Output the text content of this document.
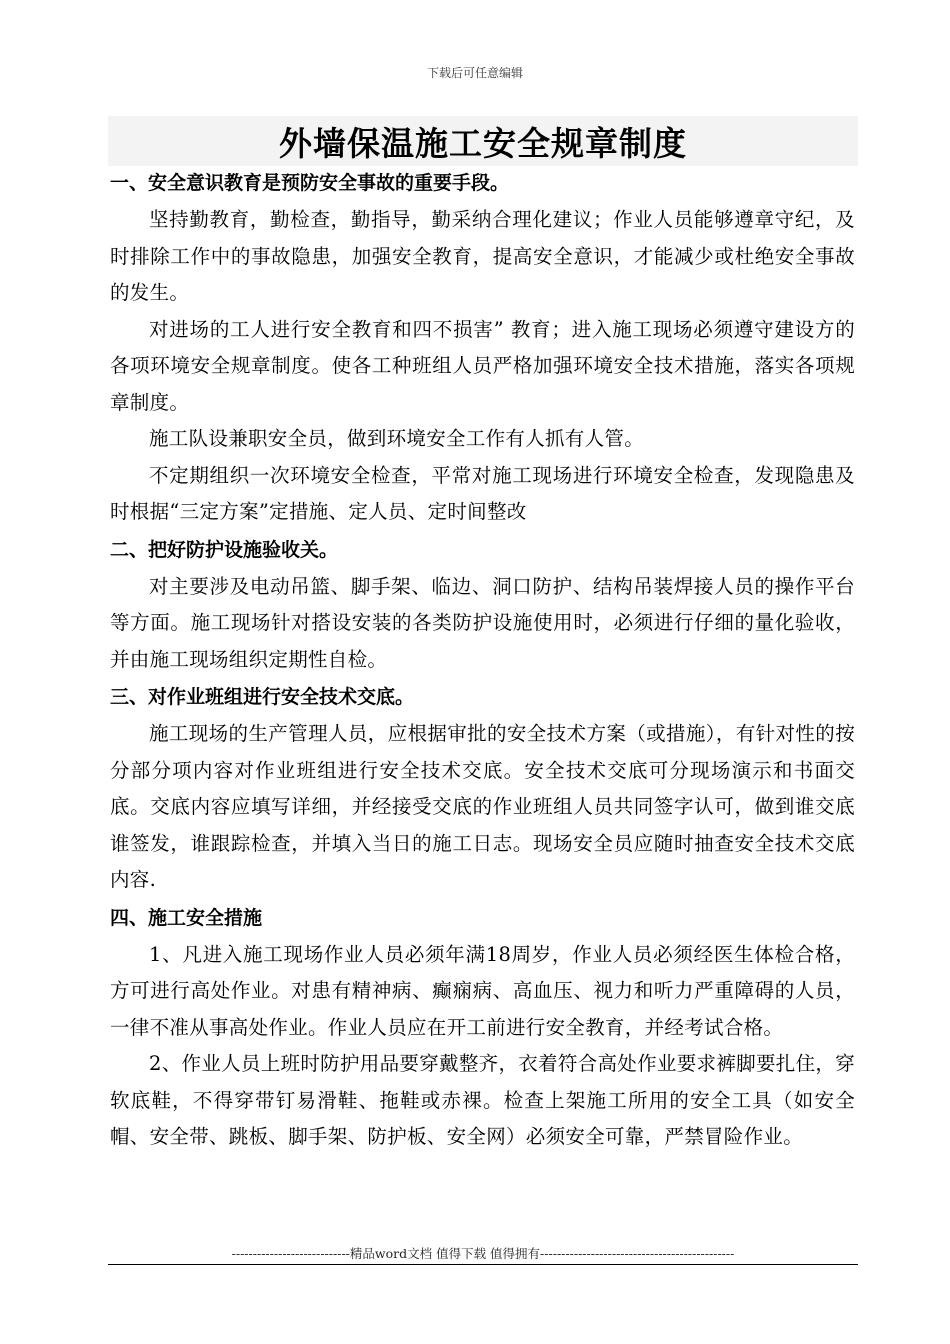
下载后可任意编辑
外墙保温施工安全规章制度
一、安全意识教育是预防安全事故的重要手段。

坚持勤教育，勤检查，勤指导，勤采纳合理化建议；作业人员能够遵章守纪，及时排除工作中的事故隐患，加强安全教育，提高安全意识，才能减少或杜绝安全事故的发生。

对进场的工人进行安全教育和四不损害” 教育；进入施工现场必须遵守建设方的各项环境安全规章制度。使各工种班组人员严格加强环境安全技术措施，落实各项规章制度。

施工队设兼职安全员，做到环境安全工作有人抓有人管。

不定期组织一次环境安全检查，平常对施工现场进行环境安全检查，发现隐患及时根据“三定方案”定措施、定人员、定时间整改

二、把好防护设施验收关。

对主要涉及电动吊篮、脚手架、临边、洞口防护、结构吊装焊接人员的操作平台等方面。施工现场针对搭设安装的各类防护设施使用时，必须进行仔细的量化验收，并由施工现场组织定期性自检。

三、对作业班组进行安全技术交底。

施工现场的生产管理人员，应根据审批的安全技术方案（或措施），有针对性的按分部分项内容对作业班组进行安全技术交底。安全技术交底可分现场演示和书面交底。交底内容应填写详细，并经接受交底的作业班组人员共同签字认可，做到谁交底谁签发，谁跟踪检查，并填入当日的施工日志。现场安全员应随时抽查安全技术交底内容.

四、施工安全措施

1、凡进入施工现场作业人员必须年满18周岁，作业人员必须经医生体检合格，方可进行高处作业。对患有精神病、癫痫病、高血压、视力和听力严重障碍的人员，一律不准从事高处作业。作业人员应在开工前进行安全教育，并经考试合格。

2、作业人员上班时防护用品要穿戴整齐，衣着符合高处作业要求裤脚要扎住，穿软底鞋，不得穿带钉易滑鞋、拖鞋或赤裸。检查上架施工所用的安全工具（如安全帽、安全带、跳板、脚手架、防护板、安全网）必须安全可靠，严禁冒险作业。

----------------------------精品word文档 值得下载 值得拥有----------------------------------------------
